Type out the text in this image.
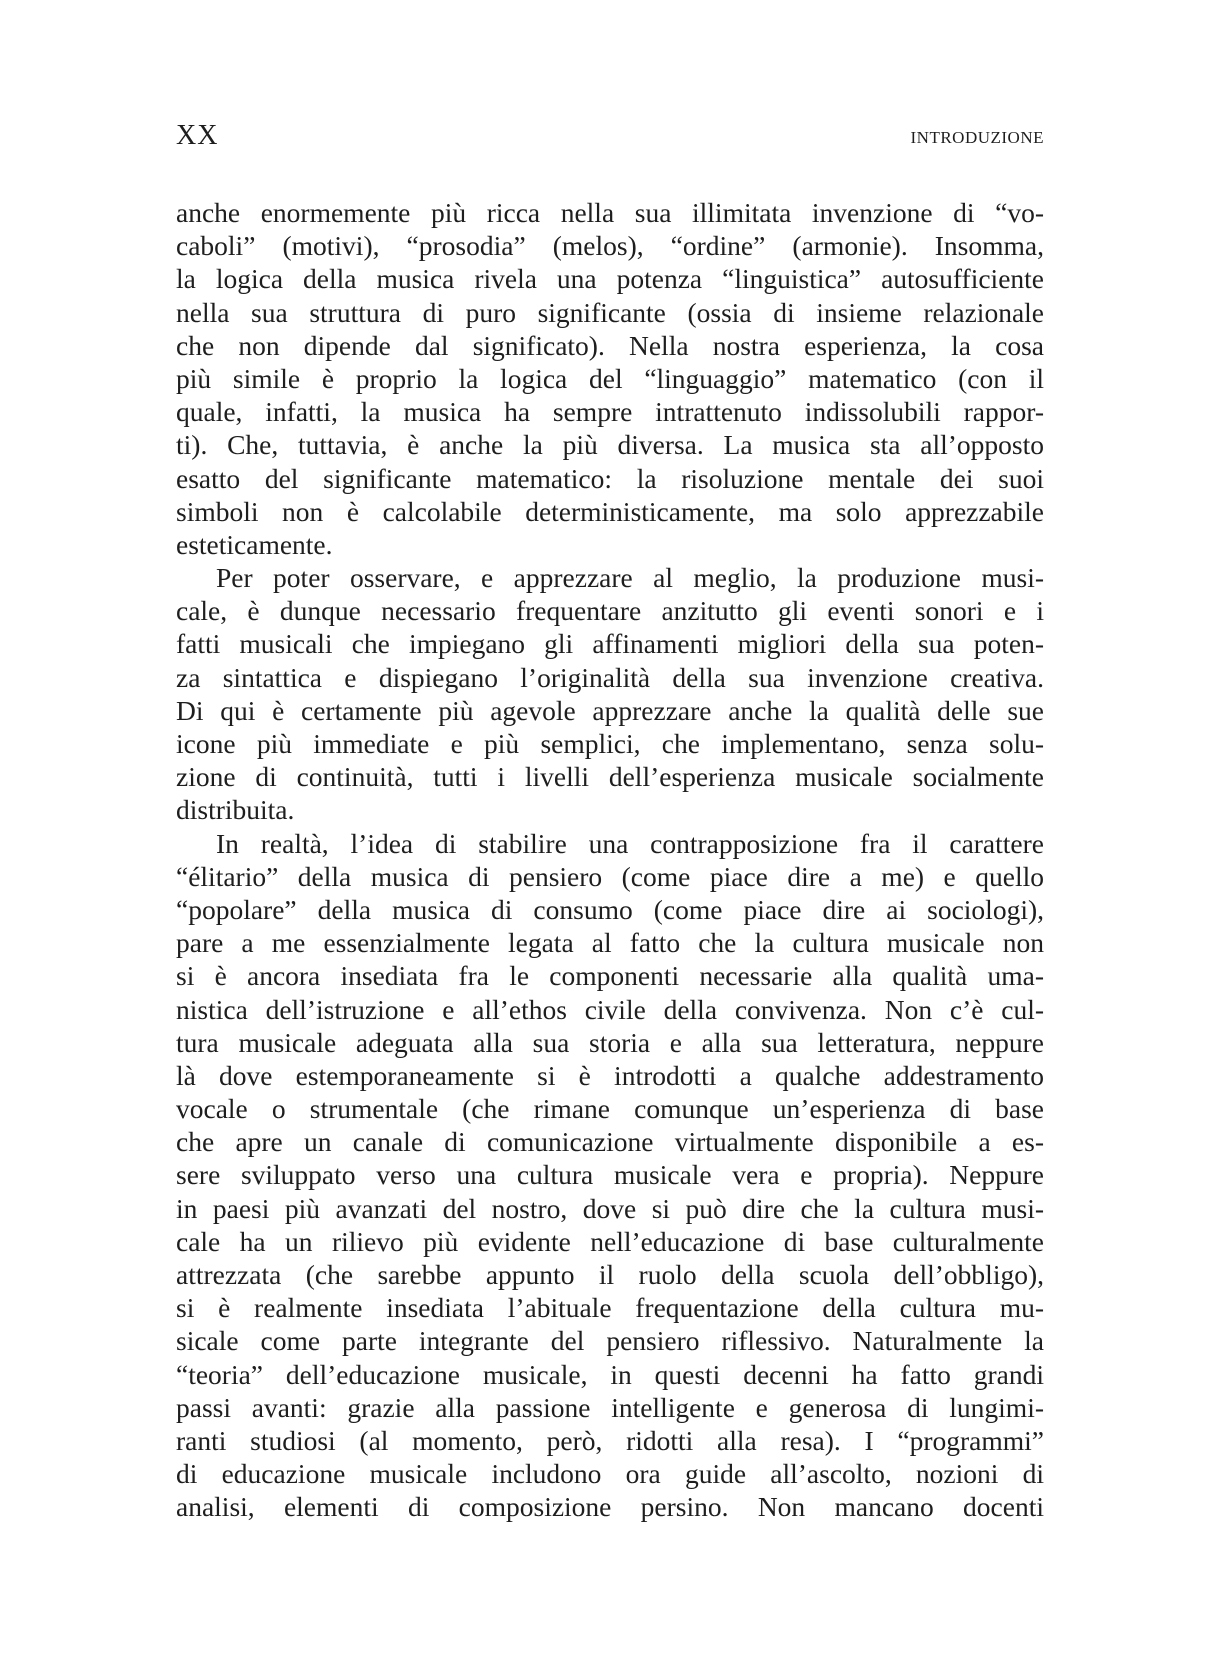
XX	INTRODUZIONE
anche enormemente più ricca nella sua illimitata invenzione di “vo-
caboli” (motivi), “prosodia” (melos), “ordine” (armonie). Insomma,
la logica della musica rivela una potenza “linguistica” autosufficiente
nella sua struttura di puro significante (ossia di insieme relazionale
che non dipende dal significato). Nella nostra esperienza, la cosa
più simile è proprio la logica del “linguaggio” matematico (con il
quale, infatti, la musica ha sempre intrattenuto indissolubili rappor-
ti). Che, tuttavia, è anche la più diversa. La musica sta all’opposto
esatto del significante matematico: la risoluzione mentale dei suoi
simboli non è calcolabile deterministicamente, ma solo apprezzabile
esteticamente.
Per poter osservare, e apprezzare al meglio, la produzione musi-
cale, è dunque necessario frequentare anzitutto gli eventi sonori e i
fatti musicali che impiegano gli affinamenti migliori della sua poten-
za sintattica e dispiegano l’originalità della sua invenzione creativa.
Di qui è certamente più agevole apprezzare anche la qualità delle sue
icone più immediate e più semplici, che implementano, senza solu-
zione di continuità, tutti i livelli dell’esperienza musicale socialmente
distribuita.
In realtà, l’idea di stabilire una contrapposizione fra il carattere
“élitario” della musica di pensiero (come piace dire a me) e quello
“popolare” della musica di consumo (come piace dire ai sociologi),
pare a me essenzialmente legata al fatto che la cultura musicale non
si è ancora insediata fra le componenti necessarie alla qualità uma-
nistica dell’istruzione e all’ethos civile della convivenza. Non c’è cul-
tura musicale adeguata alla sua storia e alla sua letteratura, neppure
là dove estemporaneamente si è introdotti a qualche addestramento
vocale o strumentale (che rimane comunque un’esperienza di base
che apre un canale di comunicazione virtualmente disponibile a es-
sere sviluppato verso una cultura musicale vera e propria). Neppure
in paesi più avanzati del nostro, dove si può dire che la cultura musi-
cale ha un rilievo più evidente nell’educazione di base culturalmente
attrezzata (che sarebbe appunto il ruolo della scuola dell’obbligo),
si è realmente insediata l’abituale frequentazione della cultura mu-
sicale come parte integrante del pensiero riflessivo. Naturalmente la
“teoria” dell’educazione musicale, in questi decenni ha fatto grandi
passi avanti: grazie alla passione intelligente e generosa di lungimi-
ranti studiosi (al momento, però, ridotti alla resa). I “programmi”
di educazione musicale includono ora guide all’ascolto, nozioni di
analisi, elementi di composizione persino. Non mancano docenti
